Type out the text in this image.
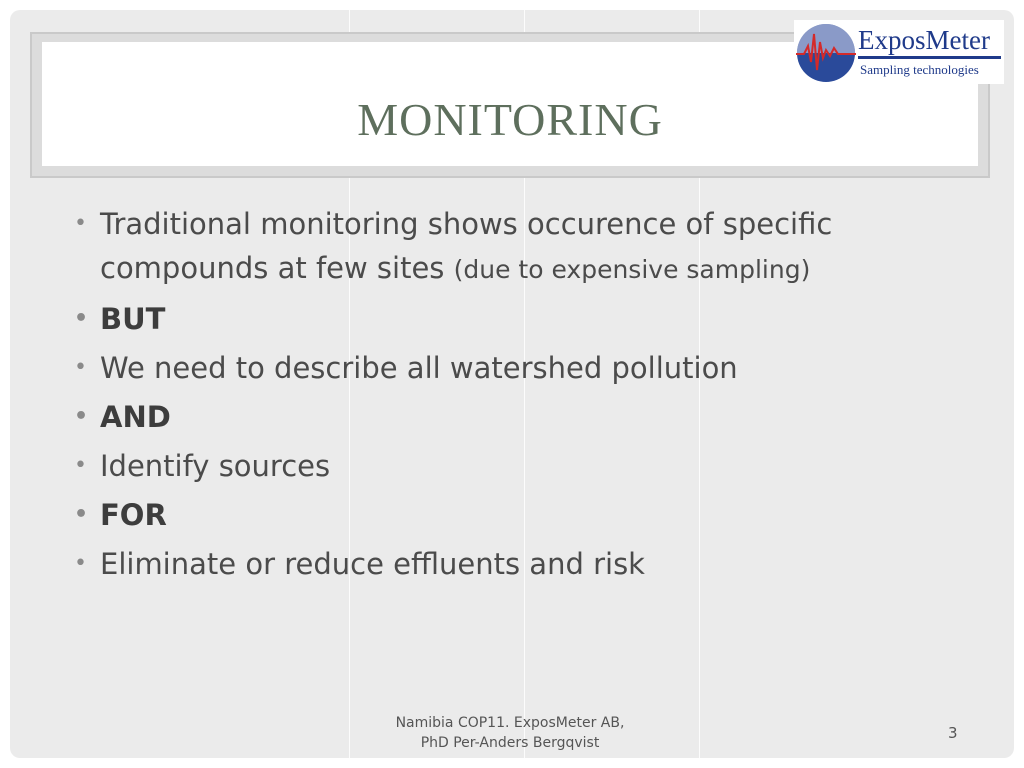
MONITORING
ExposMeter
Sampling technologies
• Traditional monitoring shows occurence of specific compounds at few sites (due to expensive sampling)
• BUT
• We need to describe all watershed pollution
• AND
• Identify sources
• FOR
• Eliminate or reduce effluents and risk
Namibia COP11. ExposMeter AB,
PhD Per-Anders Bergqvist
3
